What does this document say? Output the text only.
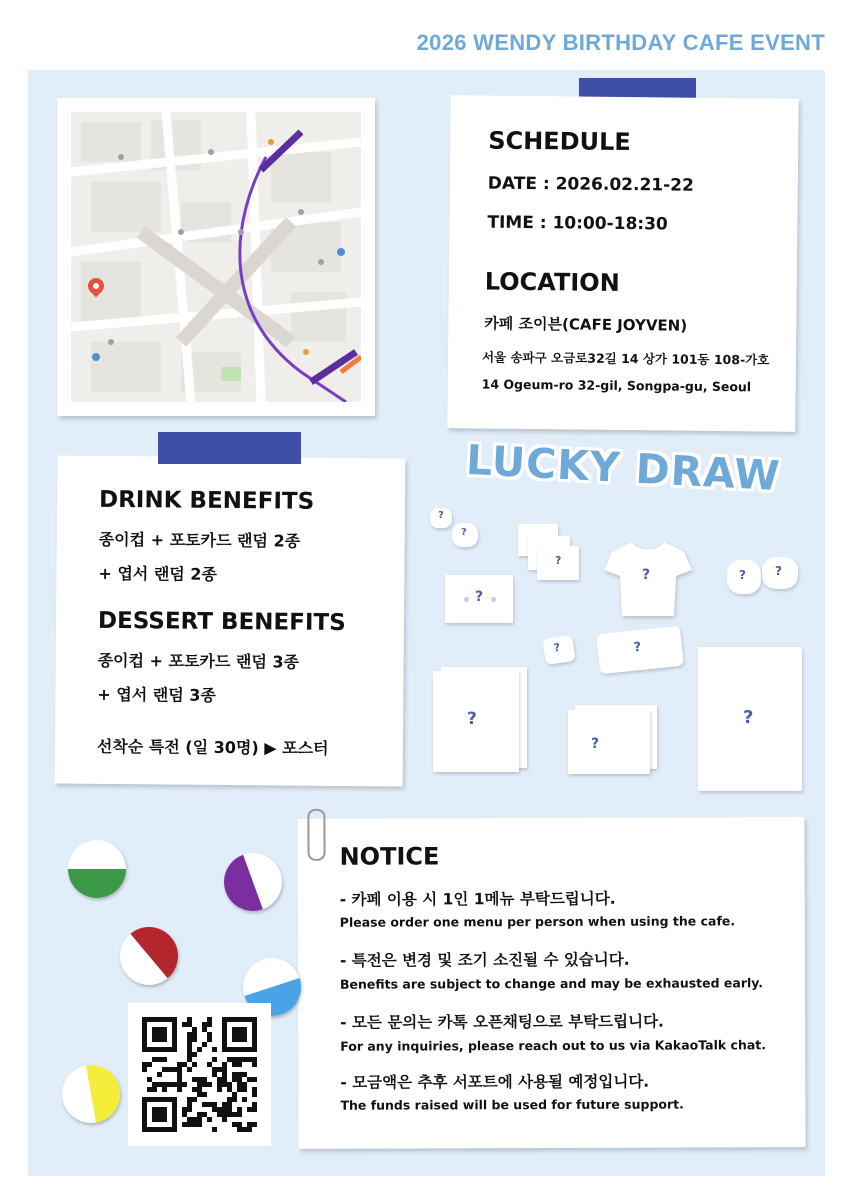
2026 WENDY BIRTHDAY CAFE EVENT
SCHEDULE
DATE : 2026.02.21-22
TIME : 10:00-18:30
LOCATION
카페 조이븐(CAFE JOYVEN)
서울 송파구 오금로32길 14 상가 101동 108-가호
14 Ogeum-ro 32-gil, Songpa-gu, Seoul
DRINK BENEFITS
종이컵 + 포토카드 랜덤 2종
+ 엽서 랜덤 2종
DESSERT BENEFITS
종이컵 + 포토카드 랜덤 3종
+ 엽서 랜덤 3종
선착순 특전 (일 30명) ▶ 포스터
LUCKY DRAW
?
?
?
?	? ?
?
?	?
?
?
?
NOTICE
- 카페 이용 시 1인 1메뉴 부탁드립니다.
Please order one menu per person when using the cafe.
- 특전은 변경 및 조기 소진될 수 있습니다.
Benefits are subject to change and may be exhausted early.
- 모든 문의는 카톡 오픈채팅으로 부탁드립니다.
For any inquiries, please reach out to us via KakaoTalk chat.
- 모금액은 추후 서포트에 사용될 예정입니다.
The funds raised will be used for future support.
